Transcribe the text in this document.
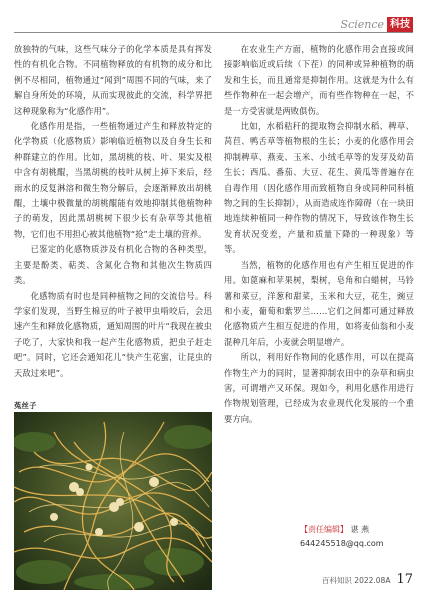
Science 科技

放独特的气味，这些气味分子的化学本质是具有挥发性的有机化合物。不同植物释放的有机物的成分和比例不尽相同，植物通过“闻到”周围不同的气味，来了解自身所处的环境，从而实现彼此的交流，科学界把这种现象称为“化感作用”。

化感作用是指，一些植物通过产生和释放特定的化学物质（化感物质）影响临近植物以及自身生长和种群建立的作用。比如，黑胡桃的枝、叶、果实及根中含有胡桃醌，当黑胡桃的枝叶从树上掉下来后，经雨水的反复淋溶和微生物分解后，会逐渐释放出胡桃醌，土壤中极微量的胡桃醌能有效地抑制其他植物种子的萌发，因此黑胡桃树下很少长有杂草等其他植物，它们也不用担心被其他植物“抢”走土壤的营养。

已鉴定的化感物质涉及有机化合物的各种类型，主要是酚类、萜类、含氮化合物和其他次生物质四类。

化感物质有时也是同种植物之间的交流信号。科学家们发现，当野生棉豆的叶子被甲虫啃咬后，会迅速产生和释放化感物质，通知周围的叶片“我现在被虫子吃了，大家快和我一起产生化感物质，把虫子赶走吧”。同时，它还会通知花儿“快产生花蜜，让昆虫的天敌过来吧”。

菟丝子

在农业生产方面，植物的化感作用会直接或间接影响临近或后续（下茬）的同种或异种植物的萌发和生长，而且通常是抑制作用。这就是为什么有些作物种在一起会增产，而有些作物种在一起，不是一方受害就是两败俱伤。

比如，水稻秸秆的提取物会抑制水稻、稗草、莴苣、鸭舌草等植物根的生长；小麦的化感作用会抑制稗草、燕麦、玉米、小绒毛草等的发芽及幼苗生长；西瓜、番茄、大豆、花生、黄瓜等普遍存在自毒作用（因化感作用而致植物自身或同种同科植物之间的生长抑制），从而造成连作障碍（在一块田地连续种植同一种作物的情况下，导致该作物生长发育状况变差，产量和质量下降的一种现象）等等。

当然，植物的化感作用也有产生相互促进的作用。如蓖麻和苹果树，梨树，皂角和白蜡树，马铃薯和菜豆，洋葱和甜菜，玉米和大豆，花生，豌豆和小麦，葡萄和紫罗兰……它们之间都可通过释放化感物质产生相互促进的作用，如将麦仙翁和小麦混种几年后，小麦就会明显增产。

所以，利用好作物间的化感作用，可以在提高作物生产力的同时，显著抑制农田中的杂草和病虫害，可谓增产又环保。现如今，利用化感作用进行作物规划管理，已经成为农业现代化发展的一个重要方向。

【责任编辑】 谌 燕
644245518@qq.com
百科知识 2022.08A 17
